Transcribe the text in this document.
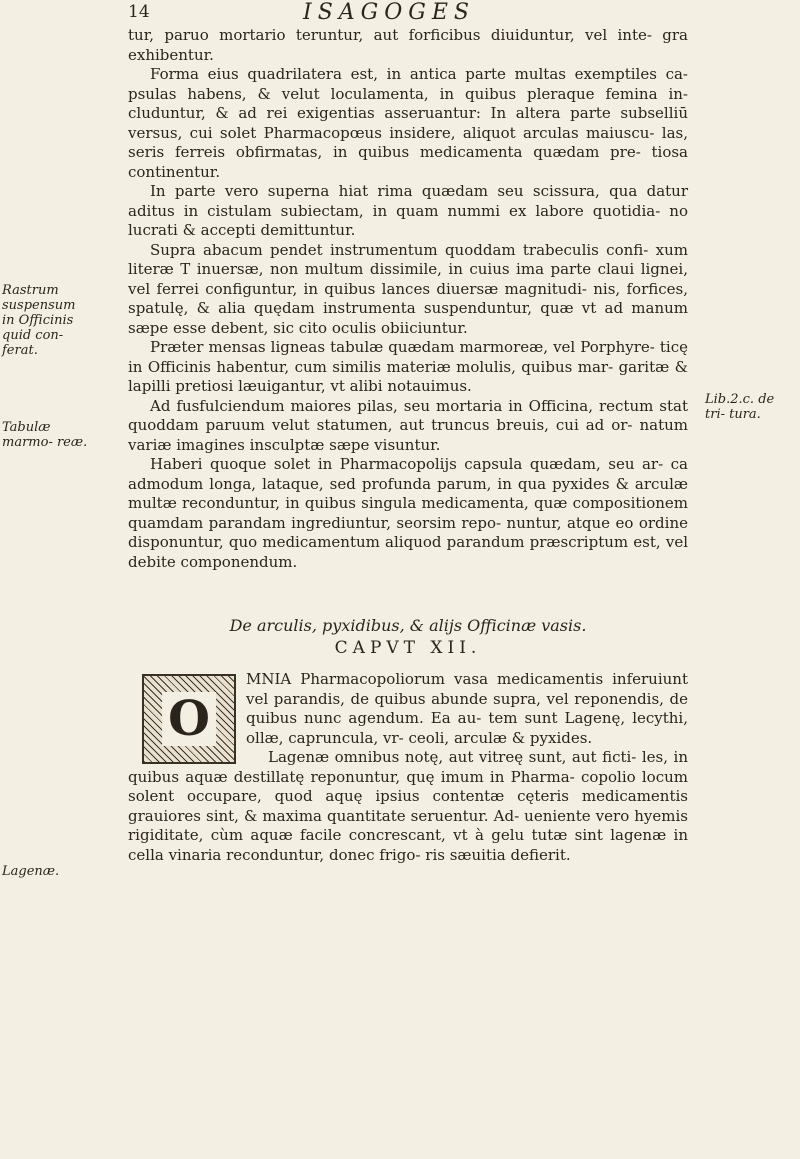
14	ISAGOGES

tur, paruo mortario teruntur, aut forficibus diuiduntur, vel inte- gra exhibentur.

Forma eius quadrilatera est, in antica parte multas exemptiles ca- psulas habens, & velut loculamenta, in quibus pleraque femina in- cluduntur, & ad rei exigentias asseruantur: In altera parte subselliū versus, cui solet Pharmacopœus insidere, aliquot arculas maiuscu- las, seris ferreis obfirmatas, in quibus medicamenta quædam pre- tiosa continentur.

In parte vero superna hiat rima quædam seu scissura, qua datur aditus in cistulam subiectam, in quam nummi ex labore quotidia- no lucrati & accepti demittuntur.

Supra abacum pendet instrumentum quoddam trabeculis confi- xum literæ T inuersæ, non multum dissimile, in cuius ima parte claui lignei, vel ferrei configuntur, in quibus lances diuersæ magnitudi- nis, forfices, spatulę, & alia quędam instrumenta suspenduntur, quæ vt ad manum sæpe esse debent, sic cito oculis obiiciuntur.

Præter mensas ligneas tabulæ quædam marmoreæ, vel Porphyre- ticę in Officinis habentur, cum similis materiæ molulis, quibus mar- garitæ & lapilli pretiosi læuigantur, vt alibi notauimus.

Ad fusfulciendum maiores pilas, seu mortaria in Officina, rectum stat quoddam paruum velut statumen, aut truncus breuis, cui ad or- natum variæ imagines insculptæ sæpe visuntur.

Haberi quoque solet in Pharmacopolijs capsula quædam, seu ar- ca admodum longa, lataque, sed profunda parum, in qua pyxides & arculæ multæ reconduntur, in quibus singula medicamenta, quæ compositionem quamdam parandam ingrediuntur, seorsim repo- nuntur, atque eo ordine disponuntur, quo medicamentum aliquod parandum præscriptum est, vel debite componendum.

De arculis, pyxidibus, & alijs Officinæ vasis.
CAPVT XII.
O

MNIA Pharmacopoliorum vasa medicamentis inferuiunt vel parandis, de quibus abunde supra, vel reponendis, de quibus nunc agendum. Ea au- tem sunt Lagenę, lecythi, ollæ, capruncula, vr- ceoli, arculæ & pyxides.

Lagenæ omnibus notę, aut vitreę sunt, aut ficti- les, in quibus aquæ destillatę reponuntur, quę imum in Pharma- copolio locum solent occupare, quod aquę ipsius contentæ cęteris medicamentis grauiores sint, & maxima quantitate seruentur. Ad- ueniente vero hyemis rigiditate, cùm aquæ facile concrescant, vt à gelu tutæ sint lagenæ in cella vinaria reconduntur, donec frigo- ris sæuitia defierit.

Rastrum suspensum in Officinis quid con- ferat.
Tabulæ marmo- reæ.
Lagenæ.
Lib.2.c. de tri- tura.
